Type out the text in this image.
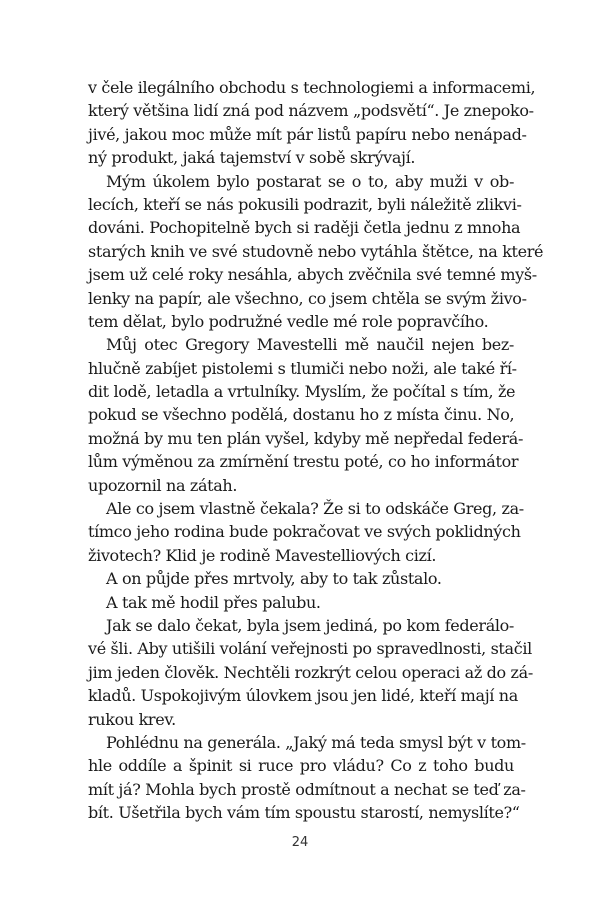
v čele ilegálního obchodu s technologiemi a informacemi,
který většina lidí zná pod názvem „podsvětí“. Je znepoko-
jivé, jakou moc může mít pár listů papíru nebo nenápad-
ný produkt, jaká tajemství v sobě skrývají.
Mým úkolem bylo postarat se o to, aby muži v ob-
lecích, kteří se nás pokusili podrazit, byli náležitě zlikvi-
dováni. Pochopitelně bych si raději četla jednu z mnoha
starých knih ve své studovně nebo vytáhla štětce, na které
jsem už celé roky nesáhla, abych zvěčnila své temné myš-
lenky na papír, ale všechno, co jsem chtěla se svým živo-
tem dělat, bylo podružné vedle mé role popravčího.
Můj otec Gregory Mavestelli mě naučil nejen bez-
hlučně zabíjet pistolemi s tlumiči nebo noži, ale také ří-
dit lodě, letadla a vrtulníky. Myslím, že počítal s tím, že
pokud se všechno podělá, dostanu ho z místa činu. No,
možná by mu ten plán vyšel, kdyby mě nepředal federá-
lům výměnou za zmírnění trestu poté, co ho informátor
upozornil na zátah.
Ale co jsem vlastně čekala? Že si to odskáče Greg, za-
tímco jeho rodina bude pokračovat ve svých poklidných
životech? Klid je rodině Mavestelliových cizí.
A on půjde přes mrtvoly, aby to tak zůstalo.
A tak mě hodil přes palubu.
Jak se dalo čekat, byla jsem jediná, po kom federálo-
vé šli. Aby utišili volání veřejnosti po spravedlnosti, stačil
jim jeden člověk. Nechtěli rozkrýt celou operaci až do zá-
kladů. Uspokojivým úlovkem jsou jen lidé, kteří mají na
rukou krev.
Pohlédnu na generála. „Jaký má teda smysl být v tom-
hle oddíle a špinit si ruce pro vládu? Co z toho budu
mít já? Mohla bych prostě odmítnout a nechat se teď za-
bít. Ušetřila bych vám tím spoustu starostí, nemyslíte?“
24
